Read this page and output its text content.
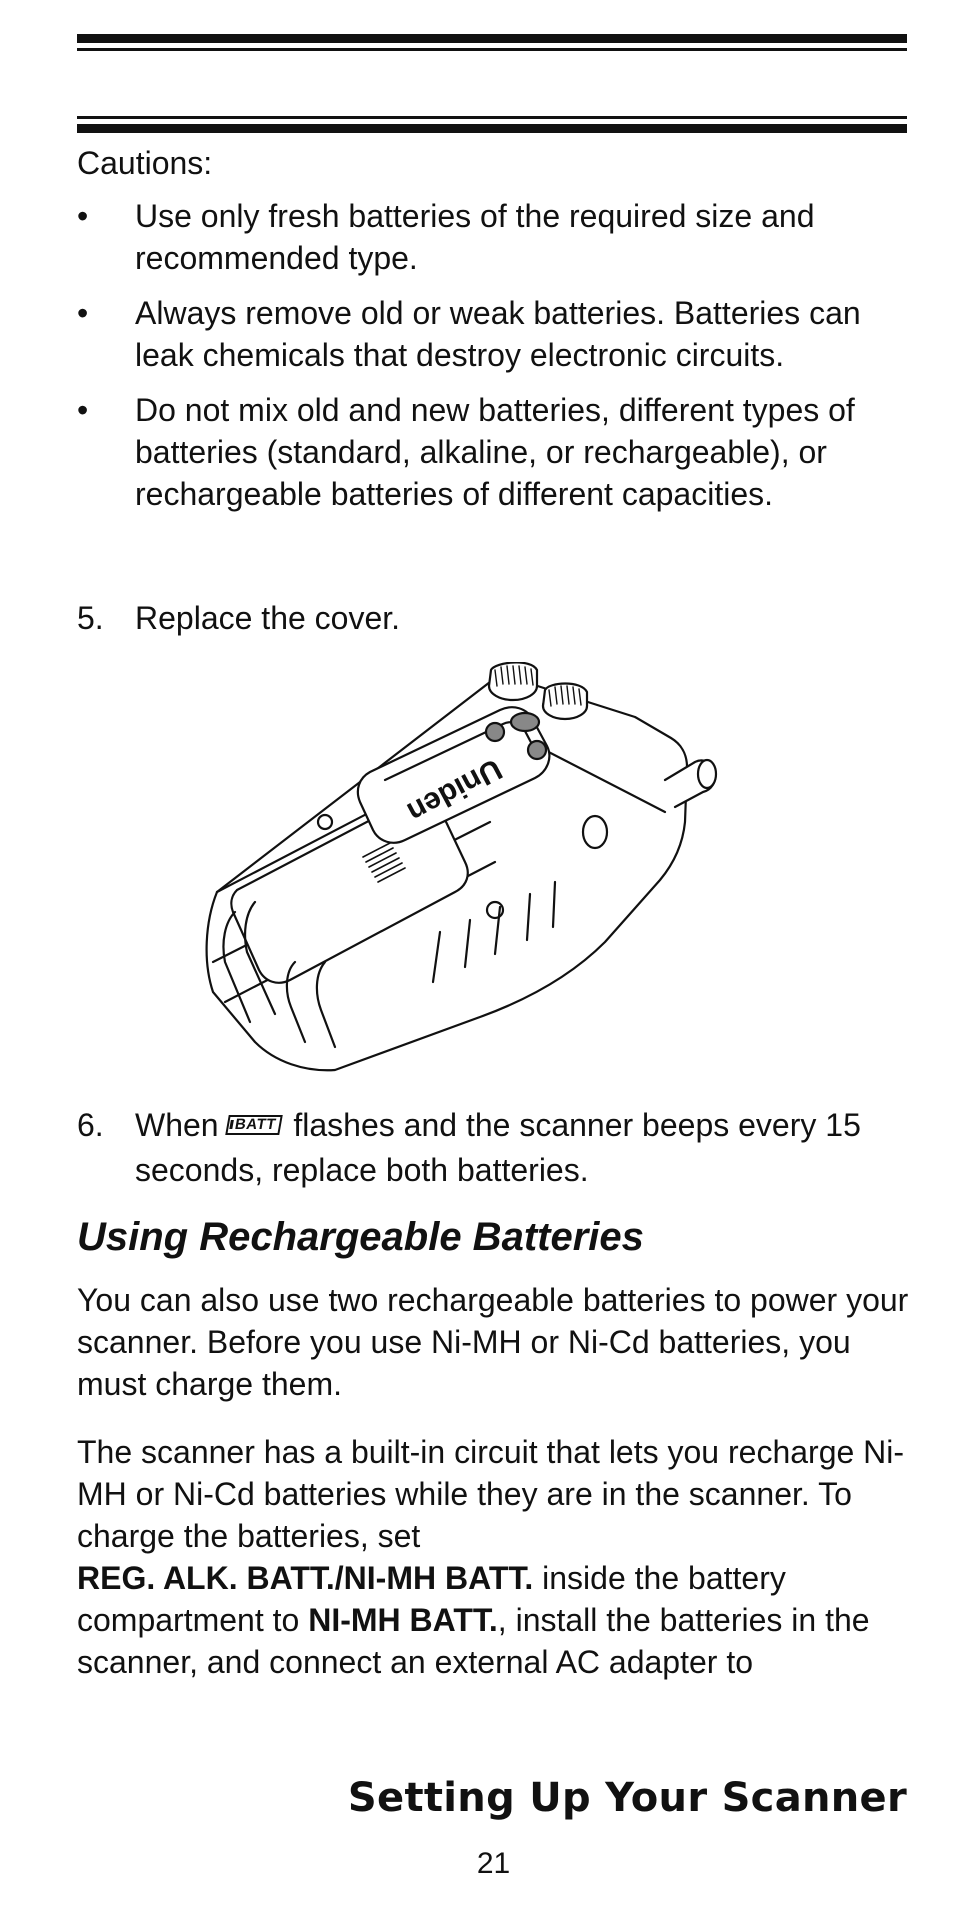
Cautions:
•	Use only fresh batteries of the required size and recommended type.
•	Always remove old or weak batteries. Batteries can leak chemicals that destroy electronic circuits.
•	Do not mix old and new batteries, different types of batteries (standard, alkaline, or rechargeable), or rechargeable batteries of different capacities.
5. Replace the cover.
Uniden
6. When BATT flashes and the scanner beeps every 15 seconds, replace both batteries.
Using Rechargeable Batteries
You can also use two rechargeable batteries to power your scanner. Before you use Ni-MH or Ni-Cd batteries, you must charge them.
The scanner has a built-in circuit that lets you recharge Ni-MH or Ni-Cd batteries while they are in the scanner. To charge the batteries, set
REG. ALK. BATT./NI-MH BATT. inside the battery compartment to NI-MH BATT., install the batteries in the scanner, and connect an external AC adapter to
Setting Up Your Scanner
21
